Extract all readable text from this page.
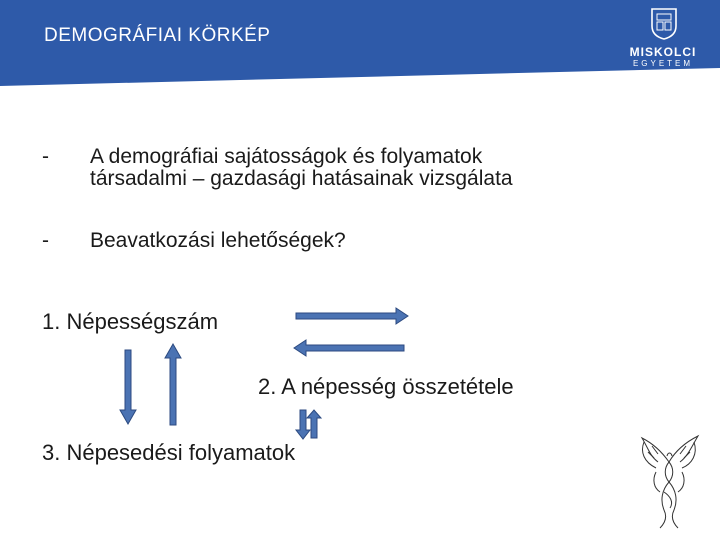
DEMOGRÁFIAI KÖRKÉP
MISKOLCI
EGYETEM
UNIVERSITY OF MISKOLC
- A demográfiai sajátosságok és folyamatok
társadalmi – gazdasági hatásainak vizsgálata
- Beavatkozási lehetőségek?
1. Népességszám
2. A népesség összetétele
3. Népesedési folyamatok
